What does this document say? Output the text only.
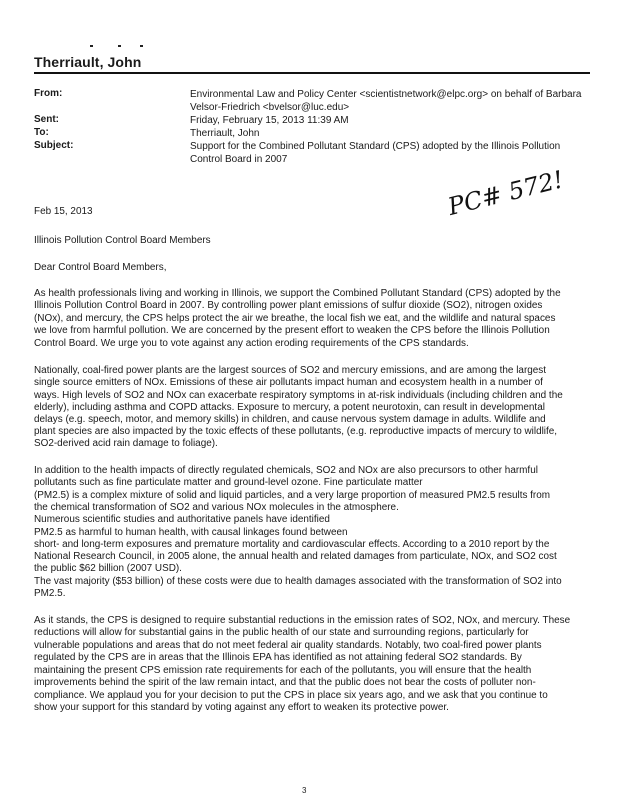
Therriault, John
From:	Environmental Law and Policy Center <scientistnetwork@elpc.org> on behalf of Barbara
Velsor-Friedrich <bvelsor@luc.edu>
Sent:	Friday, February 15, 2013 11:39 AM
To:	Therriault, John
Subject:	Support for the Combined Pollutant Standard (CPS) adopted by the Illinois Pollution
Control Board in 2007
PC# 572!
Feb 15, 2013
Illinois Pollution Control Board Members
Dear Control Board Members,
As health professionals living and working in Illinois, we support the Combined Pollutant Standard (CPS) adopted by the
Illinois Pollution Control Board in 2007. By controlling power plant emissions of sulfur dioxide (SO2), nitrogen oxides
(NOx), and mercury, the CPS helps protect the air we breathe, the local fish we eat, and the wildlife and natural spaces
we love from harmful pollution. We are concerned by the present effort to weaken the CPS before the Illinois Pollution
Control Board. We urge you to vote against any action eroding requirements of the CPS standards.
Nationally, coal-fired power plants are the largest sources of SO2 and mercury emissions, and are among the largest
single source emitters of NOx. Emissions of these air pollutants impact human and ecosystem health in a number of
ways. High levels of SO2 and NOx can exacerbate respiratory symptoms in at-risk individuals (including children and the
elderly), including asthma and COPD attacks. Exposure to mercury, a potent neurotoxin, can result in developmental
delays (e.g. speech, motor, and memory skills) in children, and cause nervous system damage in adults. Wildlife and
plant species are also impacted by the toxic effects of these pollutants, (e.g. reproductive impacts of mercury to wildlife,
SO2-derived acid rain damage to foliage).
In addition to the health impacts of directly regulated chemicals, SO2 and NOx are also precursors to other harmful
pollutants such as fine particulate matter and ground-level ozone. Fine particulate matter
(PM2.5) is a complex mixture of solid and liquid particles, and a very large proportion of measured PM2.5 results from
the chemical transformation of SO2 and various NOx molecules in the atmosphere.
Numerous scientific studies and authoritative panels have identified
PM2.5 as harmful to human health, with causal linkages found between
short- and long-term exposures and premature mortality and cardiovascular effects. According to a 2010 report by the
National Research Council, in 2005 alone, the annual health and related damages from particulate, NOx, and SO2 cost
the public $62 billion (2007 USD).
The vast majority ($53 billion) of these costs were due to health damages associated with the transformation of SO2 into
PM2.5.
As it stands, the CPS is designed to require substantial reductions in the emission rates of SO2, NOx, and mercury. These
reductions will allow for substantial gains in the public health of our state and surrounding regions, particularly for
vulnerable populations and areas that do not meet federal air quality standards. Notably, two coal-fired power plants
regulated by the CPS are in areas that the Illinois EPA has identified as not attaining federal SO2 standards. By
maintaining the present CPS emission rate requirements for each of the pollutants, you will ensure that the health
improvements behind the spirit of the law remain intact, and that the public does not bear the costs of polluter non-
compliance. We applaud you for your decision to put the CPS in place six years ago, and we ask that you continue to
show your support for this standard by voting against any effort to weaken its protective power.
3
